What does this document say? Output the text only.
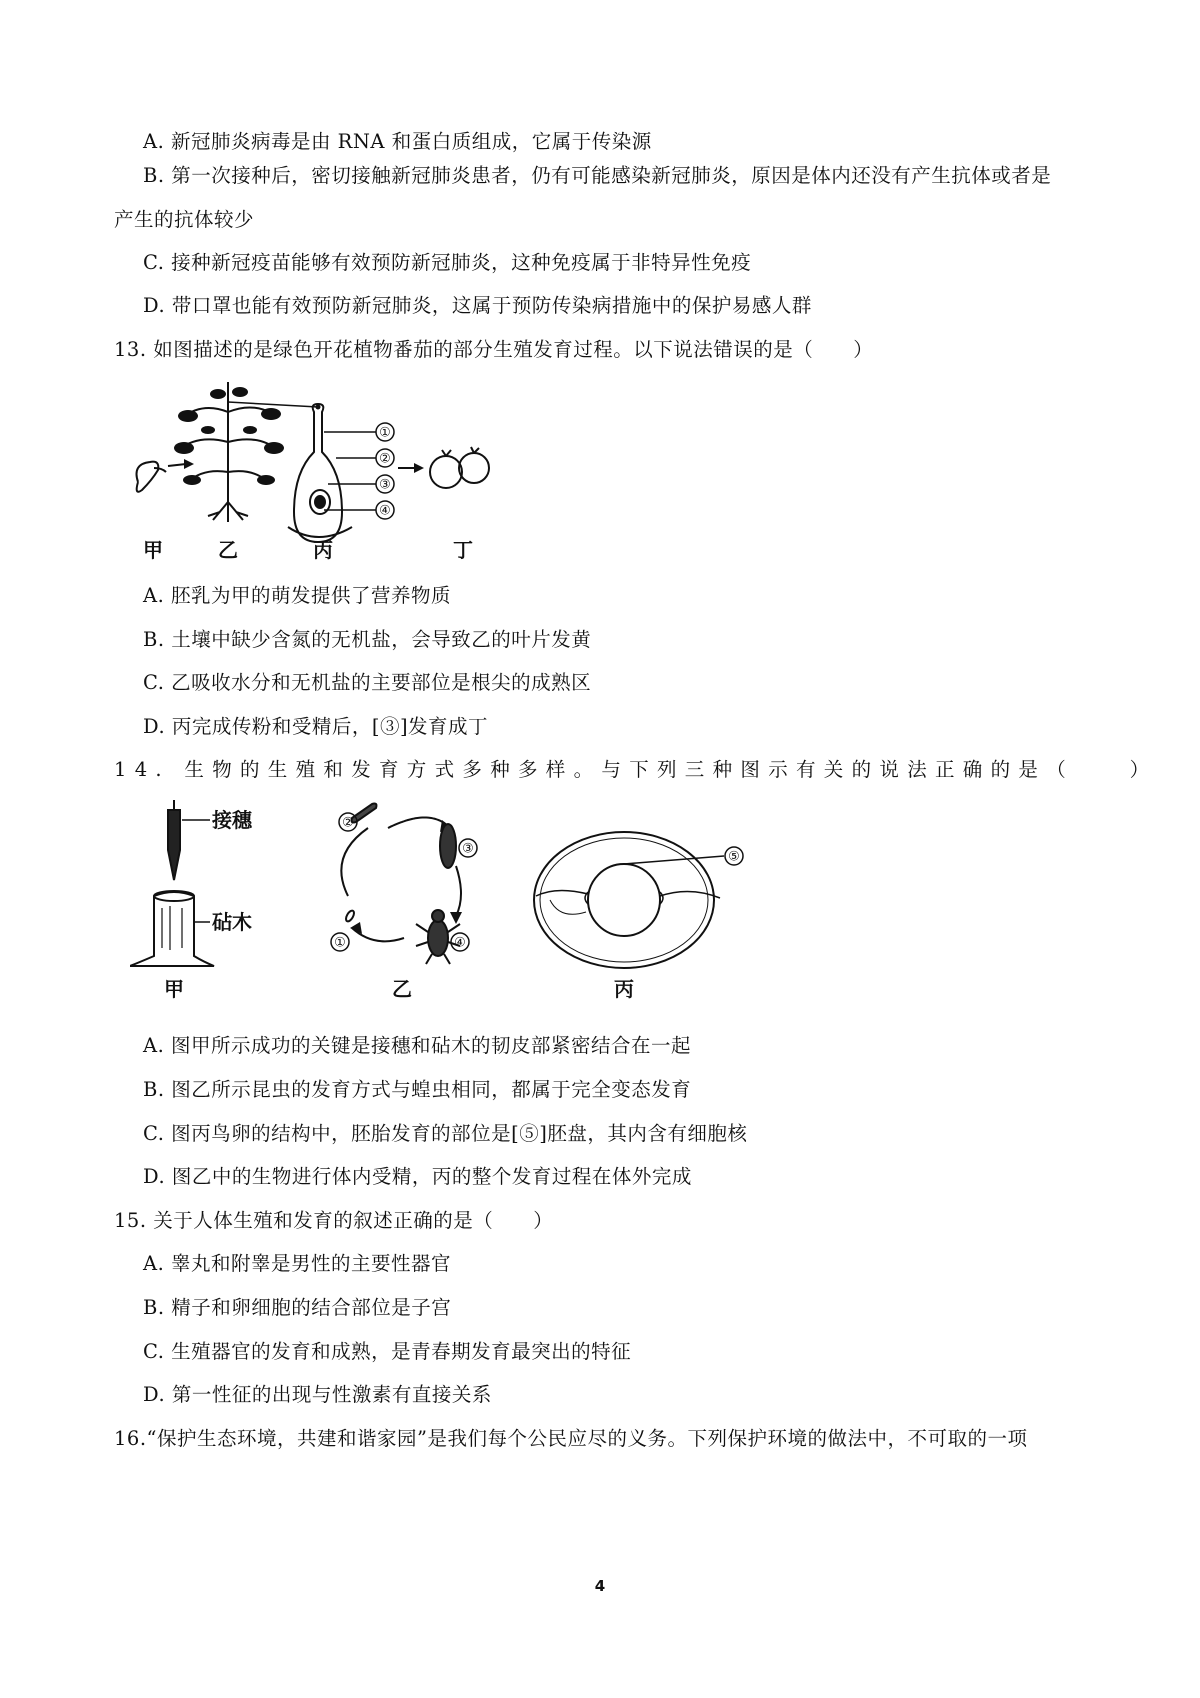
A. 新冠肺炎病毒是由 RNA 和蛋白质组成，它属于传染源
B. 第一次接种后，密切接触新冠肺炎患者，仍有可能感染新冠肺炎，原因是体内还没有产生抗体或者是
产生的抗体较少
C. 接种新冠疫苗能够有效预防新冠肺炎，这种免疫属于非特异性免疫
D. 带口罩也能有效预防新冠肺炎，这属于预防传染病措施中的保护易感人群
13. 如图描述的是绿色开花植物番茄的部分生殖发育过程。以下说法错误的是（　　）
①
②
③
④
甲	乙	丙	丁
A. 胚乳为甲的萌发提供了营养物质
B. 土壤中缺少含氮的无机盐，会导致乙的叶片发黄
C. 乙吸收水分和无机盐的主要部位是根尖的成熟区
D. 丙完成传粉和受精后，[③]发育成丁
14. 生物的生殖和发育方式多种多样。与下列三种图示有关的说法正确的是（　　）
接穗
砧木
①
②
③
④
⑤
甲	乙	丙
A. 图甲所示成功的关键是接穗和砧木的韧皮部紧密结合在一起
B. 图乙所示昆虫的发育方式与蝗虫相同，都属于完全变态发育
C. 图丙鸟卵的结构中，胚胎发育的部位是[⑤]胚盘，其内含有细胞核
D. 图乙中的生物进行体内受精，丙的整个发育过程在体外完成
15. 关于人体生殖和发育的叙述正确的是（　　）
A. 睾丸和附睾是男性的主要性器官
B. 精子和卵细胞的结合部位是子宫
C. 生殖器官的发育和成熟，是青春期发育最突出的特征
D. 第一性征的出现与性激素有直接关系
16.“保护生态环境，共建和谐家园”是我们每个公民应尽的义务。下列保护环境的做法中，不可取的一项
4
